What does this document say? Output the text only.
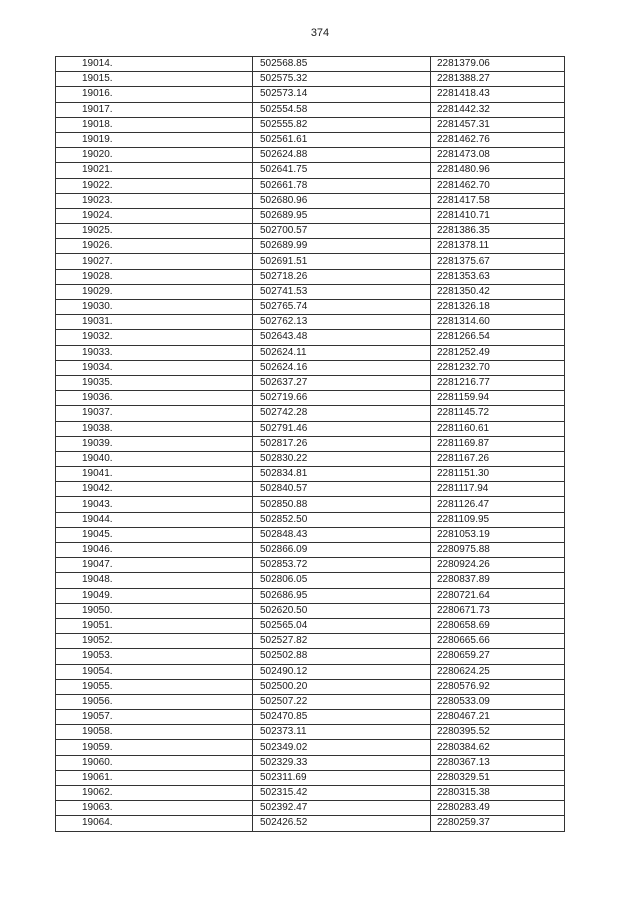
374
19014.	502568.85	2281379.06
19015.	502575.32	2281388.27
19016.	502573.14	2281418.43
19017.	502554.58	2281442.32
19018.	502555.82	2281457.31
19019.	502561.61	2281462.76
19020.	502624.88	2281473.08
19021.	502641.75	2281480.96
19022.	502661.78	2281462.70
19023.	502680.96	2281417.58
19024.	502689.95	2281410.71
19025.	502700.57	2281386.35
19026.	502689.99	2281378.11
19027.	502691.51	2281375.67
19028.	502718.26	2281353.63
19029.	502741.53	2281350.42
19030.	502765.74	2281326.18
19031.	502762.13	2281314.60
19032.	502643.48	2281266.54
19033.	502624.11	2281252.49
19034.	502624.16	2281232.70
19035.	502637.27	2281216.77
19036.	502719.66	2281159.94
19037.	502742.28	2281145.72
19038.	502791.46	2281160.61
19039.	502817.26	2281169.87
19040.	502830.22	2281167.26
19041.	502834.81	2281151.30
19042.	502840.57	2281117.94
19043.	502850.88	2281126.47
19044.	502852.50	2281109.95
19045.	502848.43	2281053.19
19046.	502866.09	2280975.88
19047.	502853.72	2280924.26
19048.	502806.05	2280837.89
19049.	502686.95	2280721.64
19050.	502620.50	2280671.73
19051.	502565.04	2280658.69
19052.	502527.82	2280665.66
19053.	502502.88	2280659.27
19054.	502490.12	2280624.25
19055.	502500.20	2280576.92
19056.	502507.22	2280533.09
19057.	502470.85	2280467.21
19058.	502373.11	2280395.52
19059.	502349.02	2280384.62
19060.	502329.33	2280367.13
19061.	502311.69	2280329.51
19062.	502315.42	2280315.38
19063.	502392.47	2280283.49
19064.	502426.52	2280259.37
